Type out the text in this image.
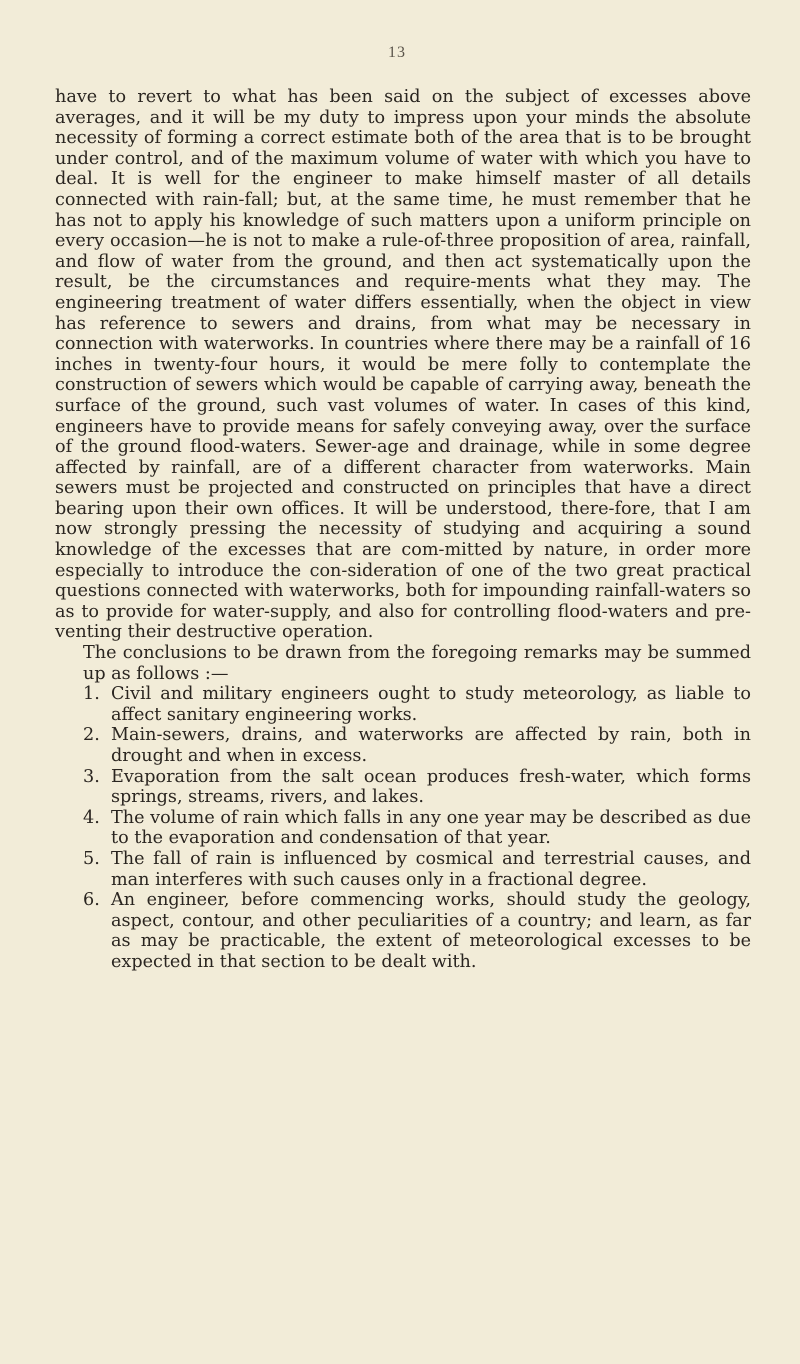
13

have to revert to what has been said on the subject of excesses above averages, and it will be my duty to impress upon your minds the absolute necessity of forming a correct estimate both of the area that is to be brought under control, and of the maximum volume of water with which you have to deal. It is well for the engineer to make himself master of all details connected with rain-fall; but, at the same time, he must remember that he has not to apply his knowledge of such matters upon a uniform principle on every occasion—he is not to make a rule-of-three proposition of area, rainfall, and flow of water from the ground, and then act systematically upon the result, be the circumstances and require-ments what they may. The engineering treatment of water differs essentially, when the object in view has reference to sewers and drains, from what may be necessary in connection with waterworks. In countries where there may be a rainfall of 16 inches in twenty-four hours, it would be mere folly to contemplate the construction of sewers which would be capable of carrying away, beneath the surface of the ground, such vast volumes of water. In cases of this kind, engineers have to provide means for safely conveying away, over the surface of the ground flood-waters. Sewer-age and drainage, while in some degree affected by rainfall, are of a different character from waterworks. Main sewers must be projected and constructed on principles that have a direct bearing upon their own offices. It will be understood, there-fore, that I am now strongly pressing the necessity of studying and acquiring a sound knowledge of the excesses that are com-mitted by nature, in order more especially to introduce the con-sideration of one of the two great practical questions connected with waterworks, both for impounding rainfall-waters so as to provide for water-supply, and also for controlling flood-waters and pre-venting their destructive operation.

The conclusions to be drawn from the foregoing remarks may be summed up as follows :—

1. Civil and military engineers ought to study meteorology, as liable to affect sanitary engineering works.
2. Main-sewers, drains, and waterworks are affected by rain, both in drought and when in excess.
3. Evaporation from the salt ocean produces fresh-water, which forms springs, streams, rivers, and lakes.
4. The volume of rain which falls in any one year may be described as due to the evaporation and condensation of that year.
5. The fall of rain is influenced by cosmical and terrestrial causes, and man interferes with such causes only in a fractional degree.
6. An engineer, before commencing works, should study the geology, aspect, contour, and other peculiarities of a country; and learn, as far as may be practicable, the extent of meteorological excesses to be expected in that section to be dealt with.
